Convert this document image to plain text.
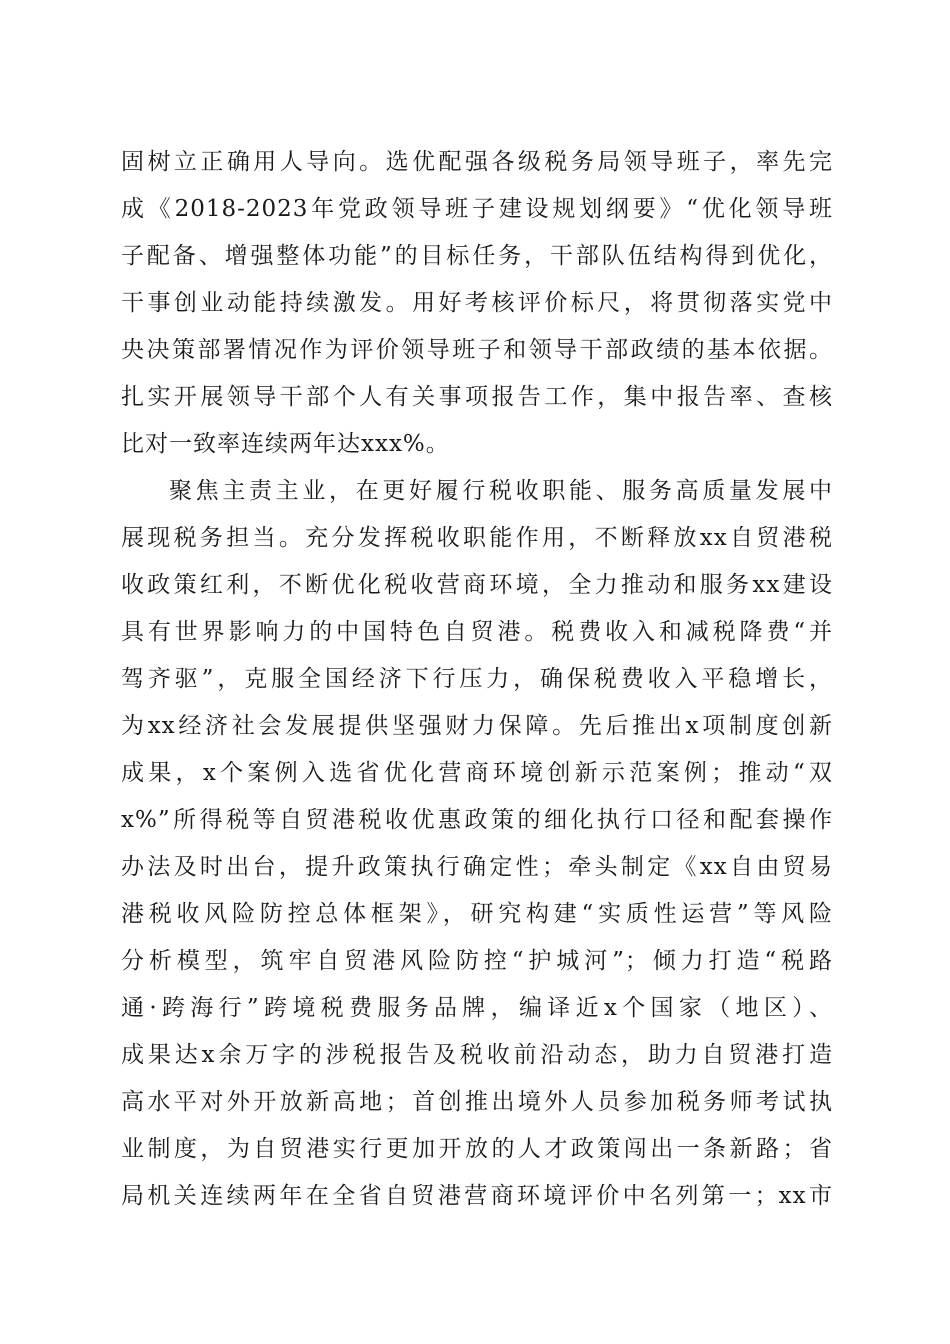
固树立正确用人导向。选优配强各级税务局领导班子，率先完
成《2018-2023年党政领导班子建设规划纲要》“优化领导班
子配备、增强整体功能”的目标任务，干部队伍结构得到优化，
干事创业动能持续激发。用好考核评价标尺，将贯彻落实党中
央决策部署情况作为评价领导班子和领导干部政绩的基本依据。
扎实开展领导干部个人有关事项报告工作，集中报告率、查核
比对一致率连续两年达xxx%。
聚焦主责主业，在更好履行税收职能、服务高质量发展中
展现税务担当。充分发挥税收职能作用，不断释放xx自贸港税
收政策红利，不断优化税收营商环境，全力推动和服务xx建设
具有世界影响力的中国特色自贸港。税费收入和减税降费“并
驾齐驱”，克服全国经济下行压力，确保税费收入平稳增长，
为xx经济社会发展提供坚强财力保障。先后推出x项制度创新
成果，x个案例入选省优化营商环境创新示范案例；推动“双
x%”所得税等自贸港税收优惠政策的细化执行口径和配套操作
办法及时出台，提升政策执行确定性；牵头制定《xx自由贸易
港税收风险防控总体框架》，研究构建“实质性运营”等风险
分析模型，筑牢自贸港风险防控“护城河”；倾力打造“税路
通·跨海行”跨境税费服务品牌，编译近x个国家（地区）、
成果达x余万字的涉税报告及税收前沿动态，助力自贸港打造
高水平对外开放新高地；首创推出境外人员参加税务师考试执
业制度，为自贸港实行更加开放的人才政策闯出一条新路；省
局机关连续两年在全省自贸港营商环境评价中名列第一；xx市
